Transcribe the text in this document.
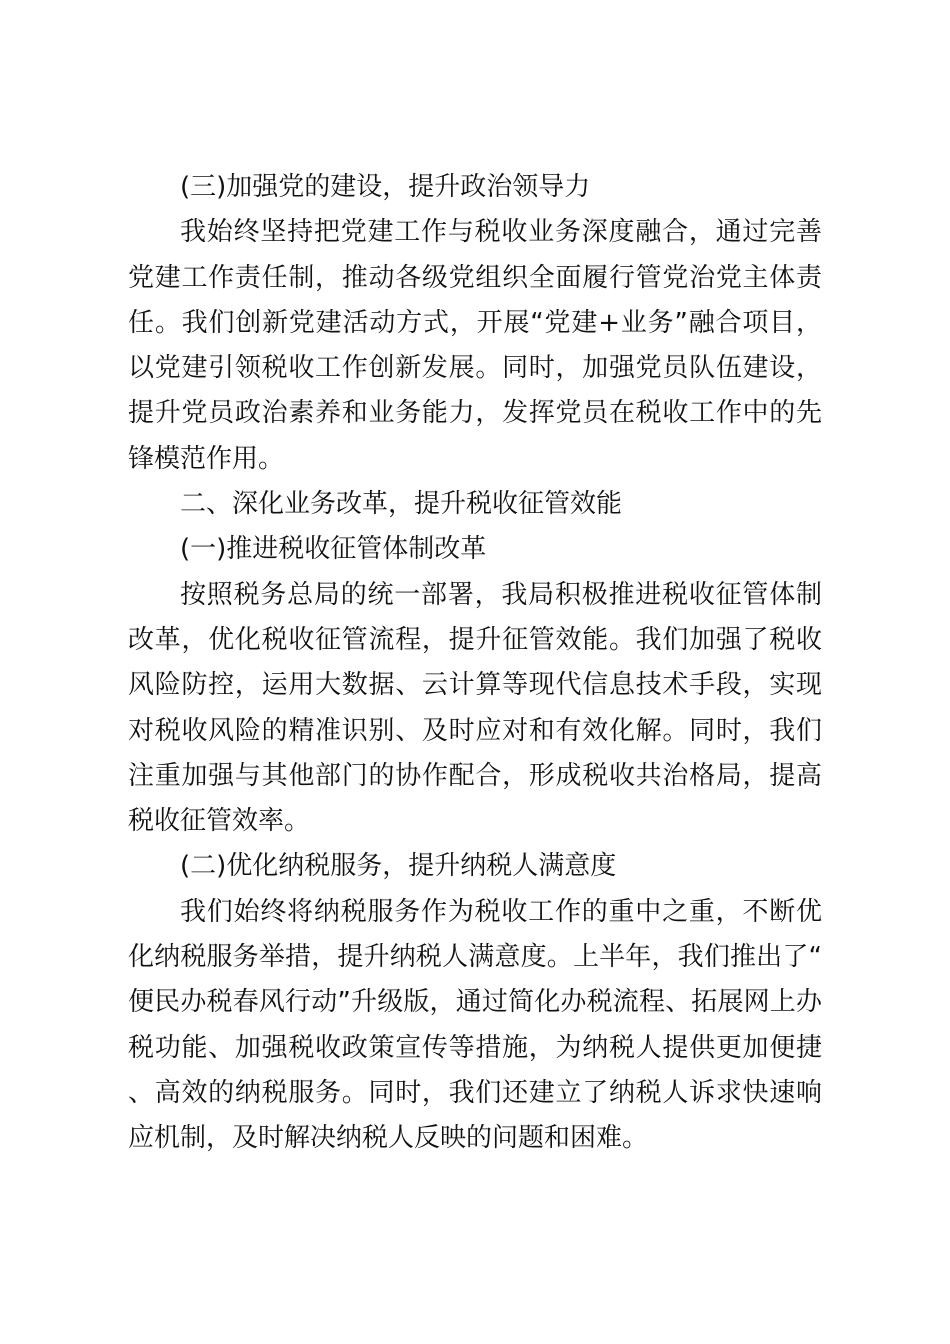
(三)加强党的建设，提升政治领导力

我始终坚持把党建工作与税收业务深度融合，通过完善党建工作责任制，推动各级党组织全面履行管党治党主体责任。我们创新党建活动方式，开展“党建+业务”融合项目，以党建引领税收工作创新发展。同时，加强党员队伍建设，提升党员政治素养和业务能力，发挥党员在税收工作中的先锋模范作用。

二、深化业务改革，提升税收征管效能

(一)推进税收征管体制改革

按照税务总局的统一部署，我局积极推进税收征管体制改革，优化税收征管流程，提升征管效能。我们加强了税收风险防控，运用大数据、云计算等现代信息技术手段，实现对税收风险的精准识别、及时应对和有效化解。同时，我们注重加强与其他部门的协作配合，形成税收共治格局，提高税收征管效率。

(二)优化纳税服务，提升纳税人满意度

我们始终将纳税服务作为税收工作的重中之重，不断优化纳税服务举措，提升纳税人满意度。上半年，我们推出了“便民办税春风行动”升级版，通过简化办税流程、拓展网上办税功能、加强税收政策宣传等措施，为纳税人提供更加便捷、高效的纳税服务。同时，我们还建立了纳税人诉求快速响应机制，及时解决纳税人反映的问题和困难。
